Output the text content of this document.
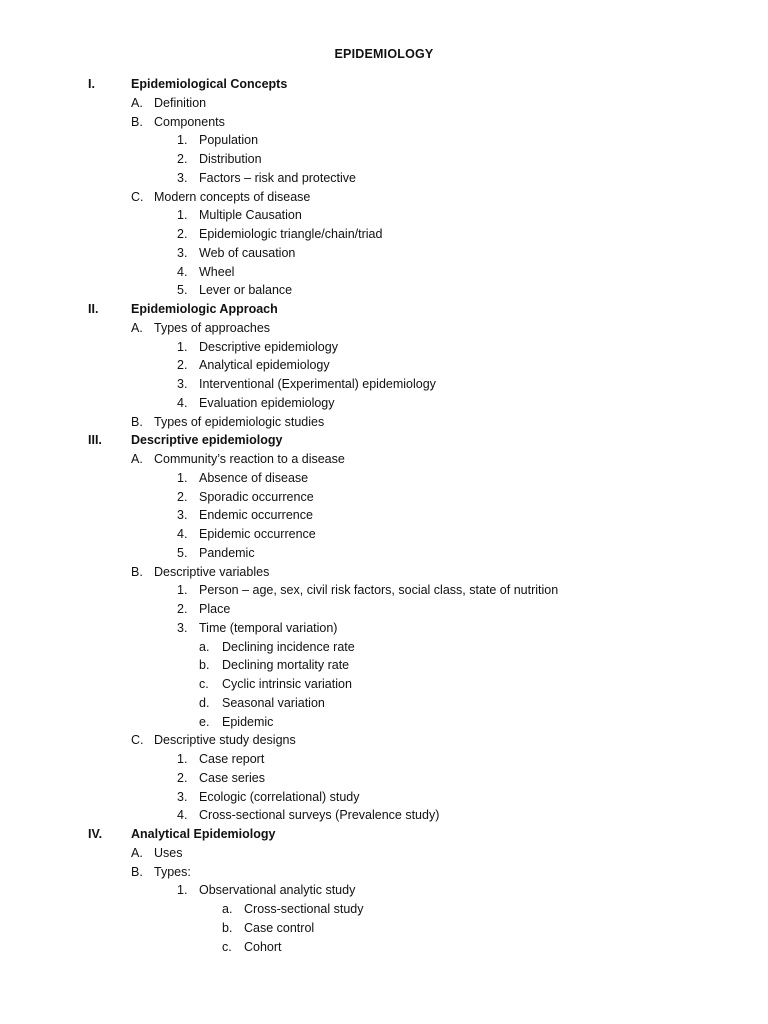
EPIDEMIOLOGY
I.	Epidemiological Concepts
A. Definition
B. Components
1. Population
2. Distribution
3. Factors – risk and protective
C. Modern concepts of disease
1. Multiple Causation
2. Epidemiologic triangle/chain/triad
3. Web of causation
4. Wheel
5. Lever or balance
II.	Epidemiologic Approach
A. Types of approaches
1. Descriptive epidemiology
2. Analytical epidemiology
3. Interventional (Experimental) epidemiology
4. Evaluation epidemiology
B. Types of epidemiologic studies
III. Descriptive epidemiology
A. Community’s reaction to a disease
1. Absence of disease
2. Sporadic occurrence
3. Endemic occurrence
4. Epidemic occurrence
5. Pandemic
B. Descriptive variables
1. Person – age, sex, civil risk factors, social class, state of nutrition
2. Place
3. Time (temporal variation)
a. Declining incidence rate
b. Declining mortality rate
c. Cyclic intrinsic variation
d. Seasonal variation
e. Epidemic
C. Descriptive study designs
1. Case report
2. Case series
3. Ecologic (correlational) study
4. Cross-sectional surveys (Prevalence study)
IV. Analytical Epidemiology
A. Uses
B. Types:
1. Observational analytic study
a. Cross-sectional study
b. Case control
c. Cohort
